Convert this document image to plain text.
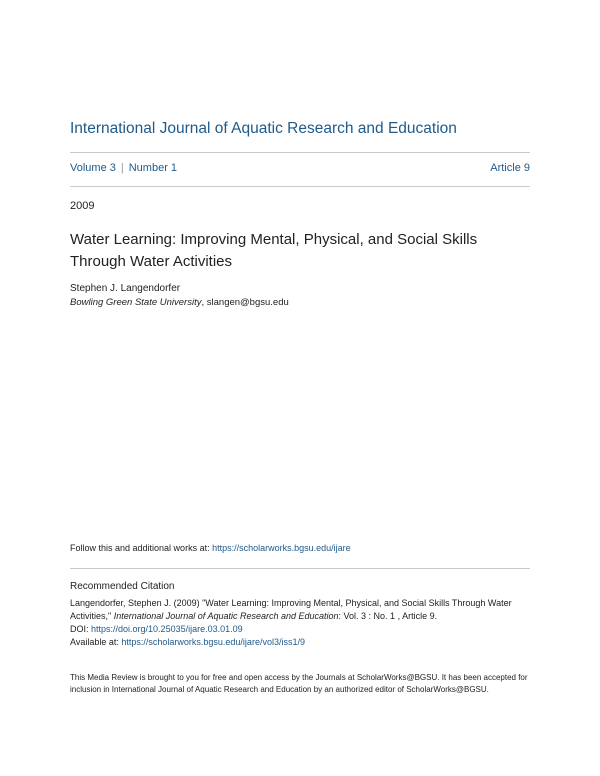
International Journal of Aquatic Research and Education
Volume 3 | Number 1	Article 9
2009
Water Learning: Improving Mental, Physical, and Social Skills Through Water Activities
Stephen J. Langendorfer
Bowling Green State University, slangen@bgsu.edu
Follow this and additional works at: https://scholarworks.bgsu.edu/ijare
Recommended Citation
Langendorfer, Stephen J. (2009) "Water Learning: Improving Mental, Physical, and Social Skills Through Water Activities," International Journal of Aquatic Research and Education: Vol. 3 : No. 1 , Article 9.
DOI: https://doi.org/10.25035/ijare.03.01.09
Available at: https://scholarworks.bgsu.edu/ijare/vol3/iss1/9
This Media Review is brought to you for free and open access by the Journals at ScholarWorks@BGSU. It has been accepted for inclusion in International Journal of Aquatic Research and Education by an authorized editor of ScholarWorks@BGSU.
